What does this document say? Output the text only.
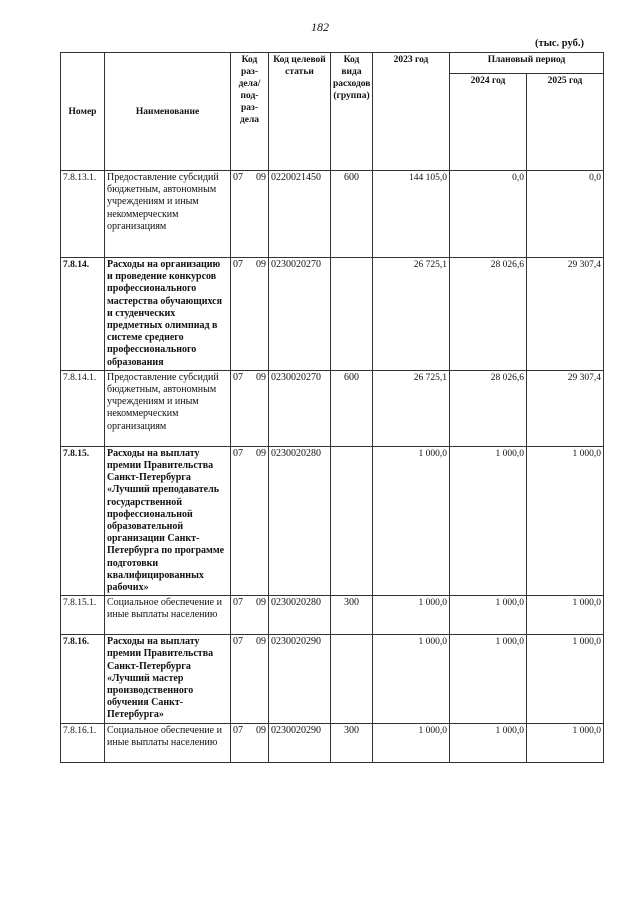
182
(тыс. руб.)
Номер	Наименование	Код раз-дела/ под-раз-дела	Код целевой статьи	Код вида расходов (группа)	2023 год	Плановый период	
						2024 год	2025 год
7.8.13.1.	Предоставление субсидий бюджетным, автономным учреждениям и иным некоммерческим организациям	07 09	0220021450	600	144 105,0	0,0	0,0
7.8.14.	Расходы на организацию и проведение конкурсов профессионального мастерства обучающихся и студенческих предметных олимпиад в системе среднего профессионального образования	07 09	0230020270		26 725,1	28 026,6	29 307,4
7.8.14.1.	Предоставление субсидий бюджетным, автономным учреждениям и иным некоммерческим организациям	07 09	0230020270	600	26 725,1	28 026,6	29 307,4
7.8.15.	Расходы на выплату премии Правительства Санкт-Петербурга «Лучший преподаватель государственной профессиональной образовательной организации Санкт-Петербурга по программе подготовки квалифицированных рабочих»	07 09	0230020280		1 000,0	1 000,0	1 000,0
7.8.15.1.	Социальное обеспечение и иные выплаты населению	07 09	0230020280	300	1 000,0	1 000,0	1 000,0
7.8.16.	Расходы на выплату премии Правительства Санкт-Петербурга «Лучший мастер производственного обучения Санкт-Петербурга»	07 09	0230020290		1 000,0	1 000,0	1 000,0
7.8.16.1.	Социальное обеспечение и иные выплаты населению	07 09	0230020290	300	1 000,0	1 000,0	1 000,0
